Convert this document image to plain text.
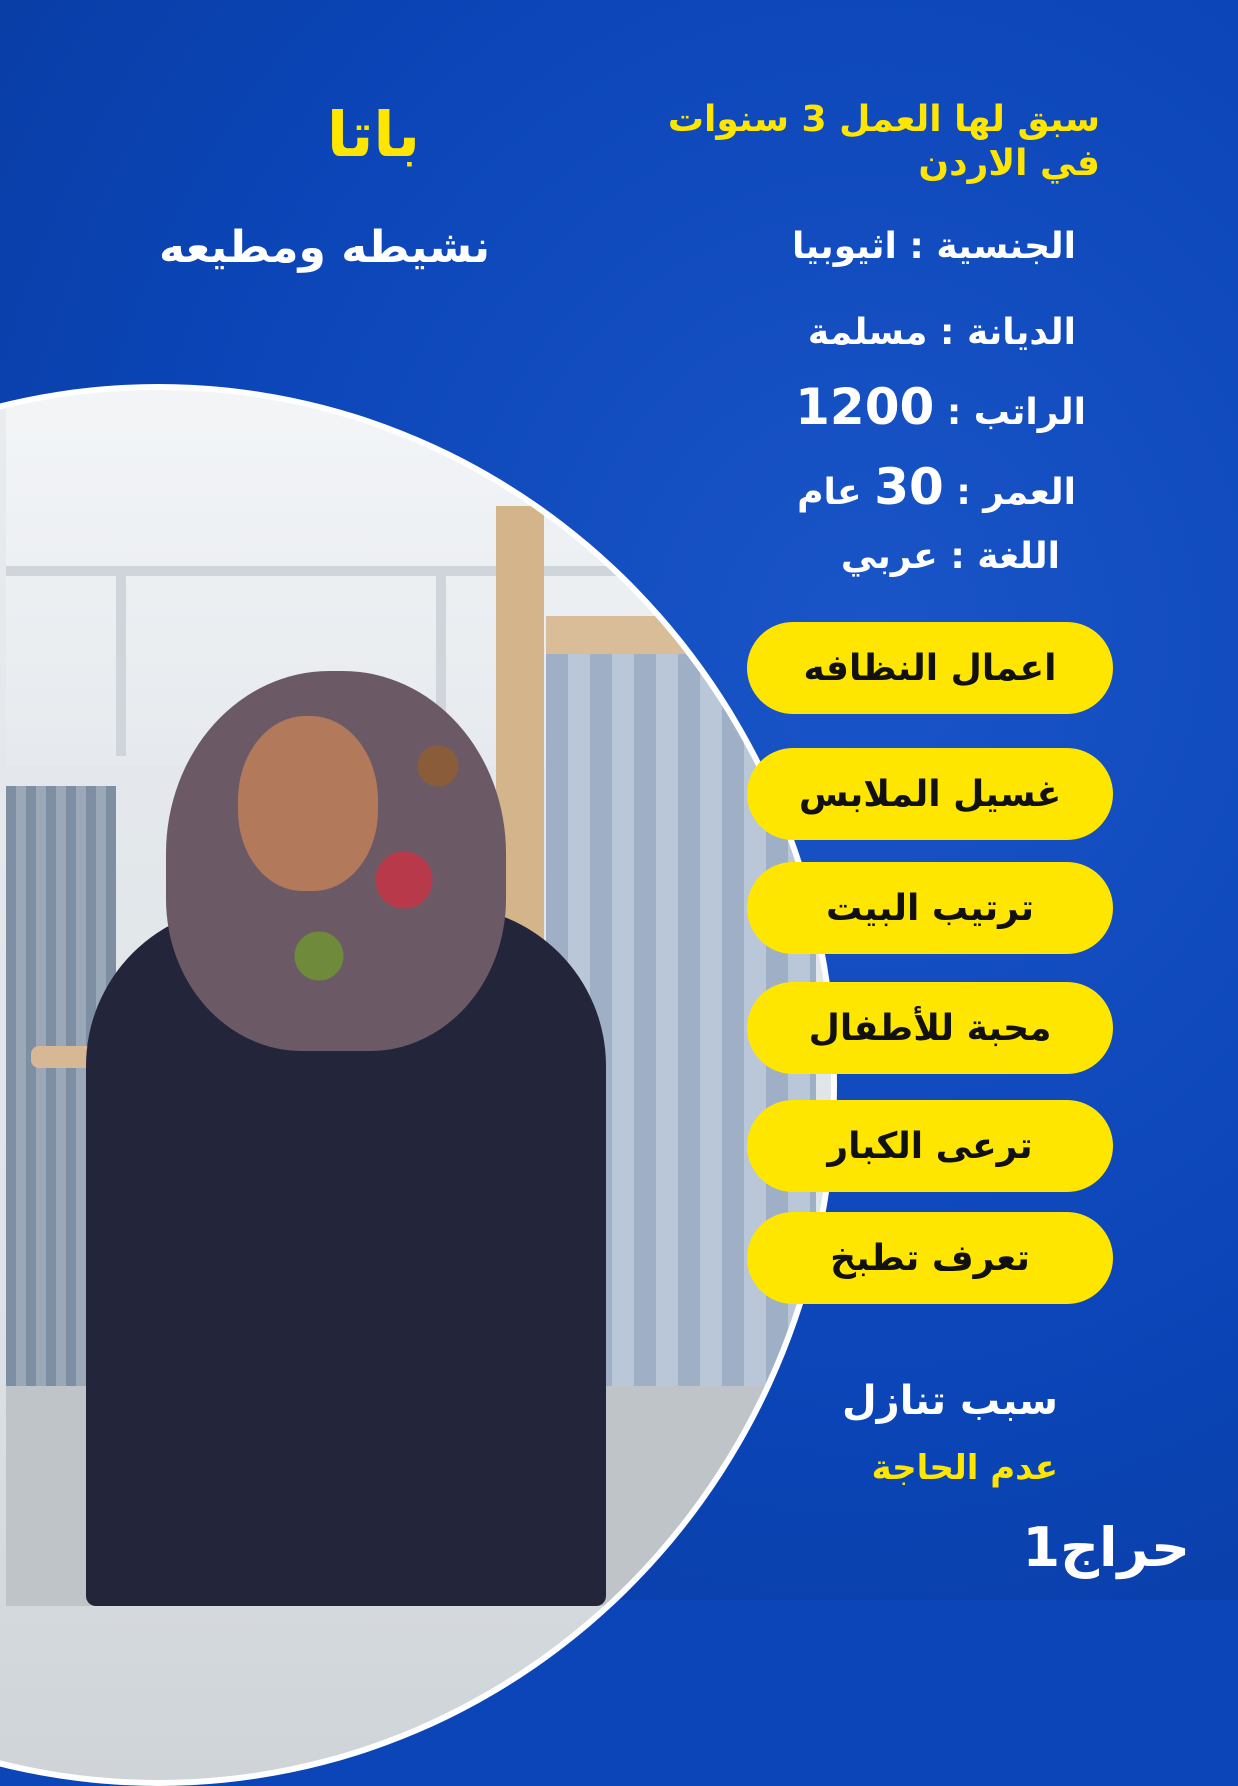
باتا
نشيطه ومطيعه
سبق لها العمل 3 سنوات في الاردن
الجنسية : اثيوبيا
الديانة : مسلمة
الراتب : 1200
العمر : 30 عام
اللغة : عربي
اعمال النظافه
غسيل الملابس
ترتيب البيت
محبة للأطفال
ترعى الكبار
تعرف تطبخ
سبب تنازل
عدم الحاجة
حراج1
